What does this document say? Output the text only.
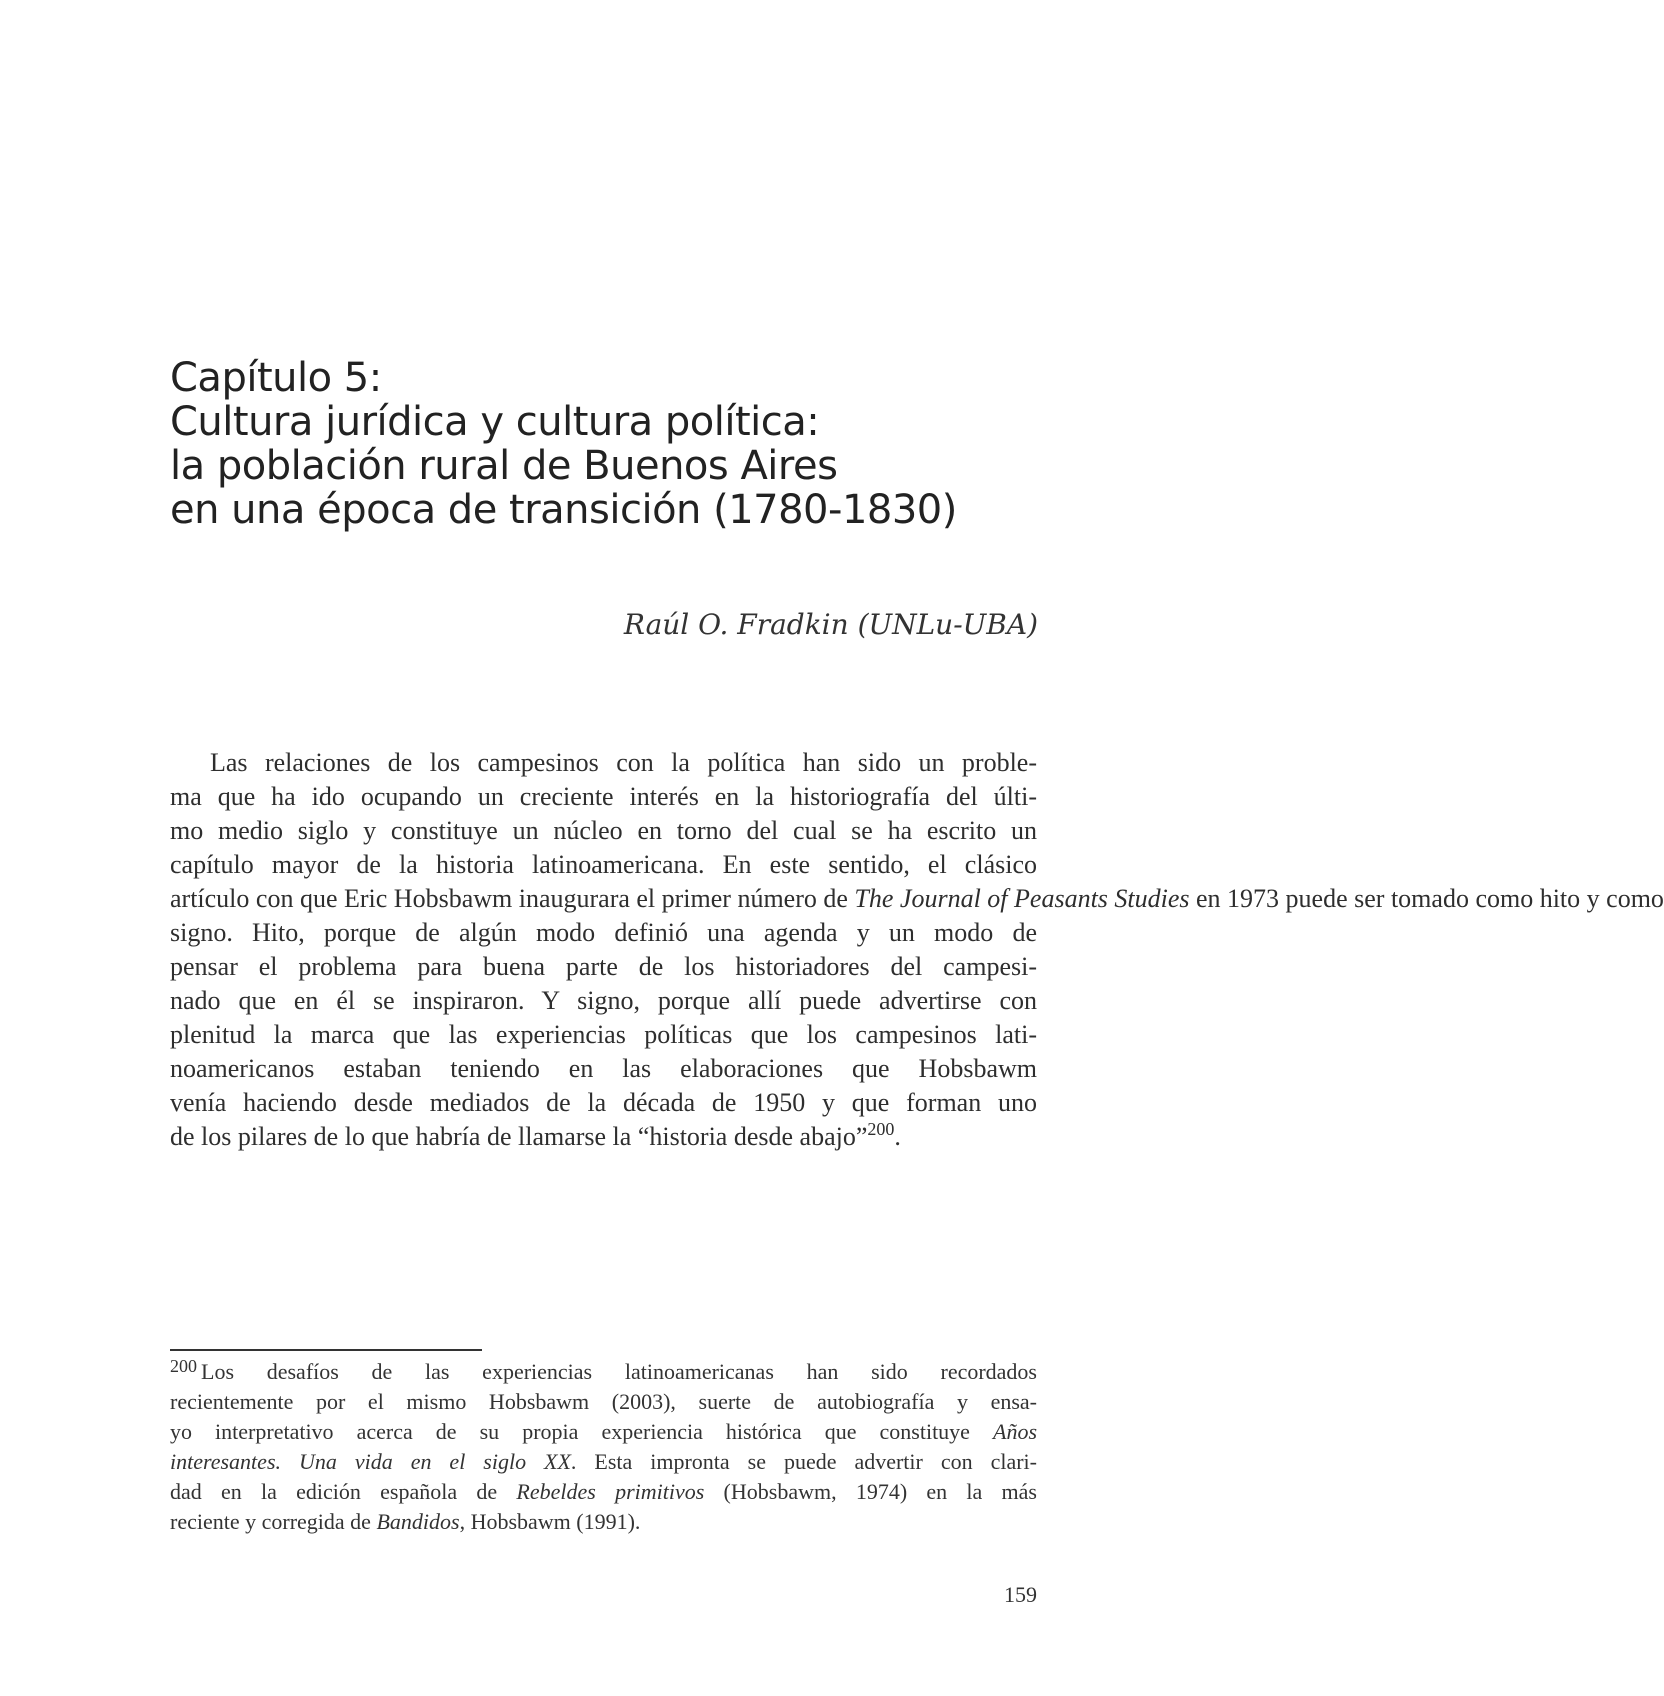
Capítulo 5:
Cultura jurídica y cultura política:
la población rural de Buenos Aires
en una época de transición (1780-1830)
Raúl O. Fradkin (UNLu-UBA)
Las relaciones de los campesinos con la política han sido un proble-
ma que ha ido ocupando un creciente interés en la historiografía del últi-
mo medio siglo y constituye un núcleo en torno del cual se ha escrito un
capítulo mayor de la historia latinoamericana. En este sentido, el clásico
artículo con que Eric Hobsbawm inaugurara el primer número de The Journal of Peasants Studies en 1973 puede ser tomado como hito y como
signo. Hito, porque de algún modo definió una agenda y un modo de
pensar el problema para buena parte de los historiadores del campesi-
nado que en él se inspiraron. Y signo, porque allí puede advertirse con
plenitud la marca que las experiencias políticas que los campesinos lati-
noamericanos estaban teniendo en las elaboraciones que Hobsbawm
venía haciendo desde mediados de la década de 1950 y que forman uno
de los pilares de lo que habría de llamarse la “historia desde abajo”$^{200}$.
$^{200}$ Los desafíos de las experiencias latinoamericanas han sido recordados
recientemente por el mismo Hobsbawm (2003), suerte de autobiografía y ensa-
yo interpretativo acerca de su propia experiencia histórica que constituye Años
interesantes. Una vida en el siglo XX. Esta impronta se puede advertir con clari-
dad en la edición española de Rebeldes primitivos (Hobsbawm, 1974) en la más
reciente y corregida de Bandidos, Hobsbawm (1991).
159
